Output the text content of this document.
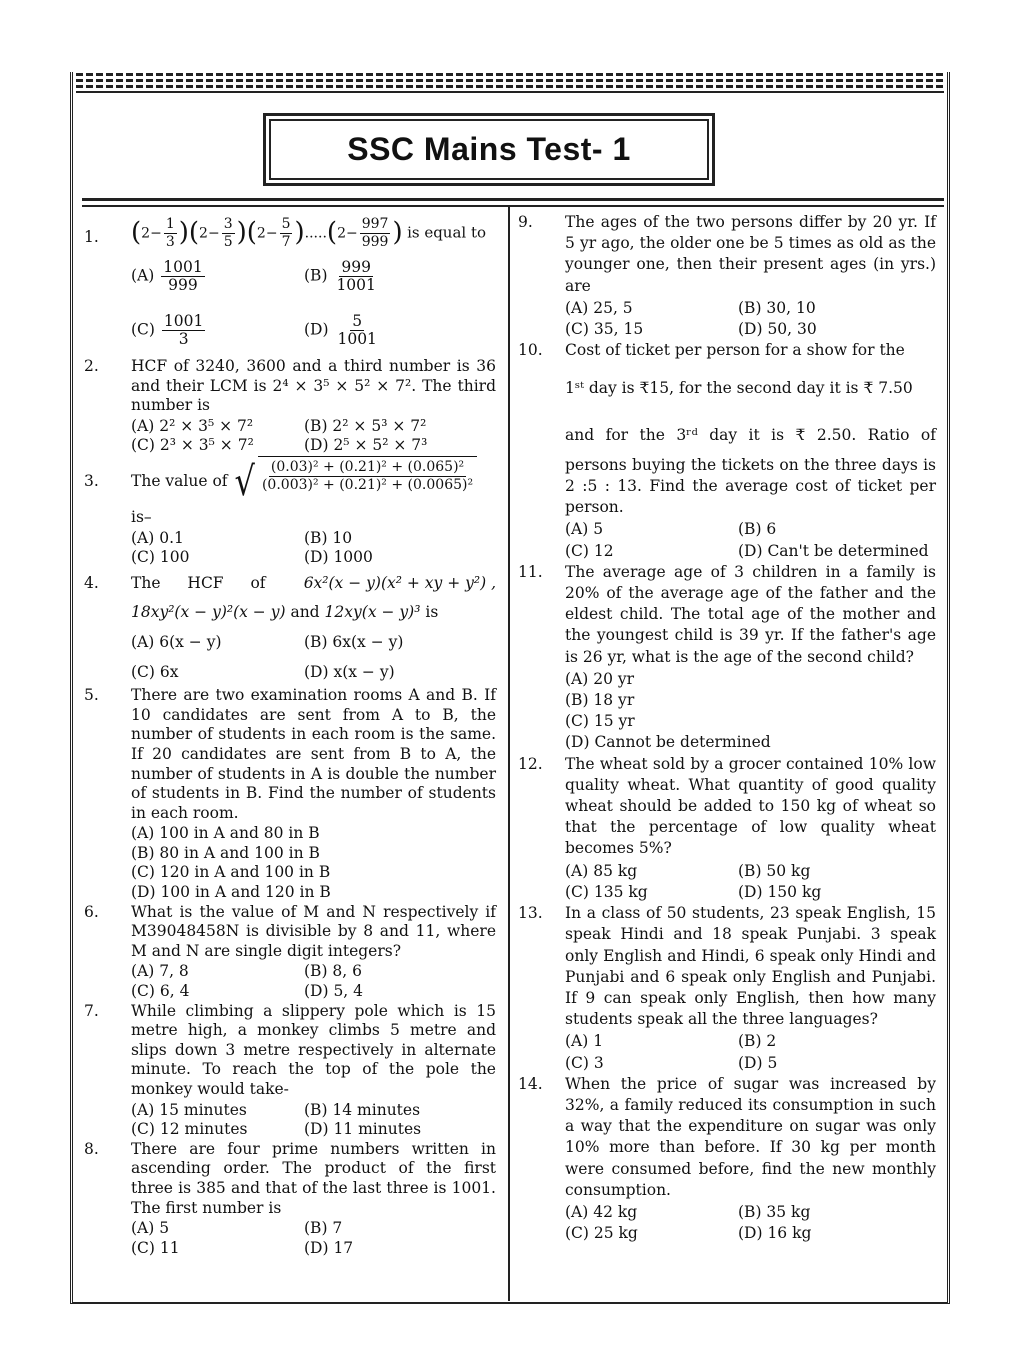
SSC Mains Test- 1
1.	$(2- \frac{1}{3} )(2- \frac{3}{5} )(2- \frac{5}{7} ).....(2- \frac{997}{999}$ ) is equal to
$(A) \frac{1001}{999}$	$(B) \frac{999}{1001}$
$(C) \frac{1001}{3}$	$(D) \frac{5}{1001}$
2.	HCF of 3240, 3600 and a third number is 36 and their LCM is 2⁴ × 3⁵ × 5² × 7². The third number is
(A) 2² × 3⁵ × 7²	(B) 2² × 5³ × 7²
(C) 2³ × 3⁵ × 7²	(D) 2⁵ × 5² × 7³
3.	The value of √ $\frac{\text{(0.03)² + (0.21)² + (0.065)²}}{\text{(0.003)² + (0.21)² + (0.0065)²}}$
is–
(A) 0.1	(B) 10
(C) 100	(D) 1000
4.	The HCF of 6x²(x − y)(x² + xy + y²) ,
18xy²(x − y)²(x − y) and 12xy(x − y)³ is
(A) 6(x − y)	(B) 6x(x − y)
(C) 6x	(D) x(x − y)
5.	There are two examination rooms A and B. If 10 candidates are sent from A to B, the number of students in each room is the same. If 20 candidates are sent from B to A, the number of students in A is double the number of students in B. Find the number of students in each room.
(A) 100 in A and 80 in B
(B) 80 in A and 100 in B
(C) 120 in A and 100 in B
(D) 100 in A and 120 in B
6.	What is the value of M and N respectively if M39048458N is divisible by 8 and 11, where M and N are single digit integers?
(A) 7, 8	(B) 8, 6
(C) 6, 4	(D) 5, 4
7.	While climbing a slippery pole which is 15 metre high, a monkey climbs 5 metre and slips down 3 metre respectively in alternate minute. To reach the top of the pole the monkey would take-
(A) 15 minutes	(B) 14 minutes
(C) 12 minutes	(D) 11 minutes
8.	There are four prime numbers written in ascending order. The product of the first three is 385 and that of the last three is 1001. The first number is
(A) 5	(B) 7
(C) 11	(D) 17
9.	The ages of the two persons differ by 20 yr. If 5 yr ago, the older one be 5 times as old as the younger one, then their present ages (in yrs.) are
(A) 25, 5	(B) 30, 10
(C) 35, 15	(D) 50, 30
10.	Cost of ticket per person for a show for the
1ˢᵗ day is ₹15, for the second day it is ₹ 7.50
and for the 3ʳᵈ day it is ₹ 2.50. Ratio of
persons buying the tickets on the three days is 2 :5 : 13. Find the average cost of ticket per person.
(A) 5	(B) 6
(C) 12	(D) Can't be determined
11.	The average age of 3 children in a family is 20% of the average age of the father and the eldest child. The total age of the mother and the youngest child is 39 yr. If the father's age is 26 yr, what is the age of the second child?
(A) 20 yr
(B) 18 yr
(C) 15 yr
(D) Cannot be determined
12.	The wheat sold by a grocer contained 10% low quality wheat. What quantity of good quality wheat should be added to 150 kg of wheat so that the percentage of low quality wheat becomes 5%?
(A) 85 kg	(B) 50 kg
(C) 135 kg	(D) 150 kg
13.	In a class of 50 students, 23 speak English, 15 speak Hindi and 18 speak Punjabi. 3 speak only English and Hindi, 6 speak only Hindi and Punjabi and 6 speak only English and Punjabi. If 9 can speak only English, then how many students speak all the three languages?
(A) 1	(B) 2
(C) 3	(D) 5
14.	When the price of sugar was increased by 32%, a family reduced its consumption in such a way that the expenditure on sugar was only 10% more than before. If 30 kg per month were consumed before, find the new monthly consumption.
(A) 42 kg	(B) 35 kg
(C) 25 kg	(D) 16 kg
